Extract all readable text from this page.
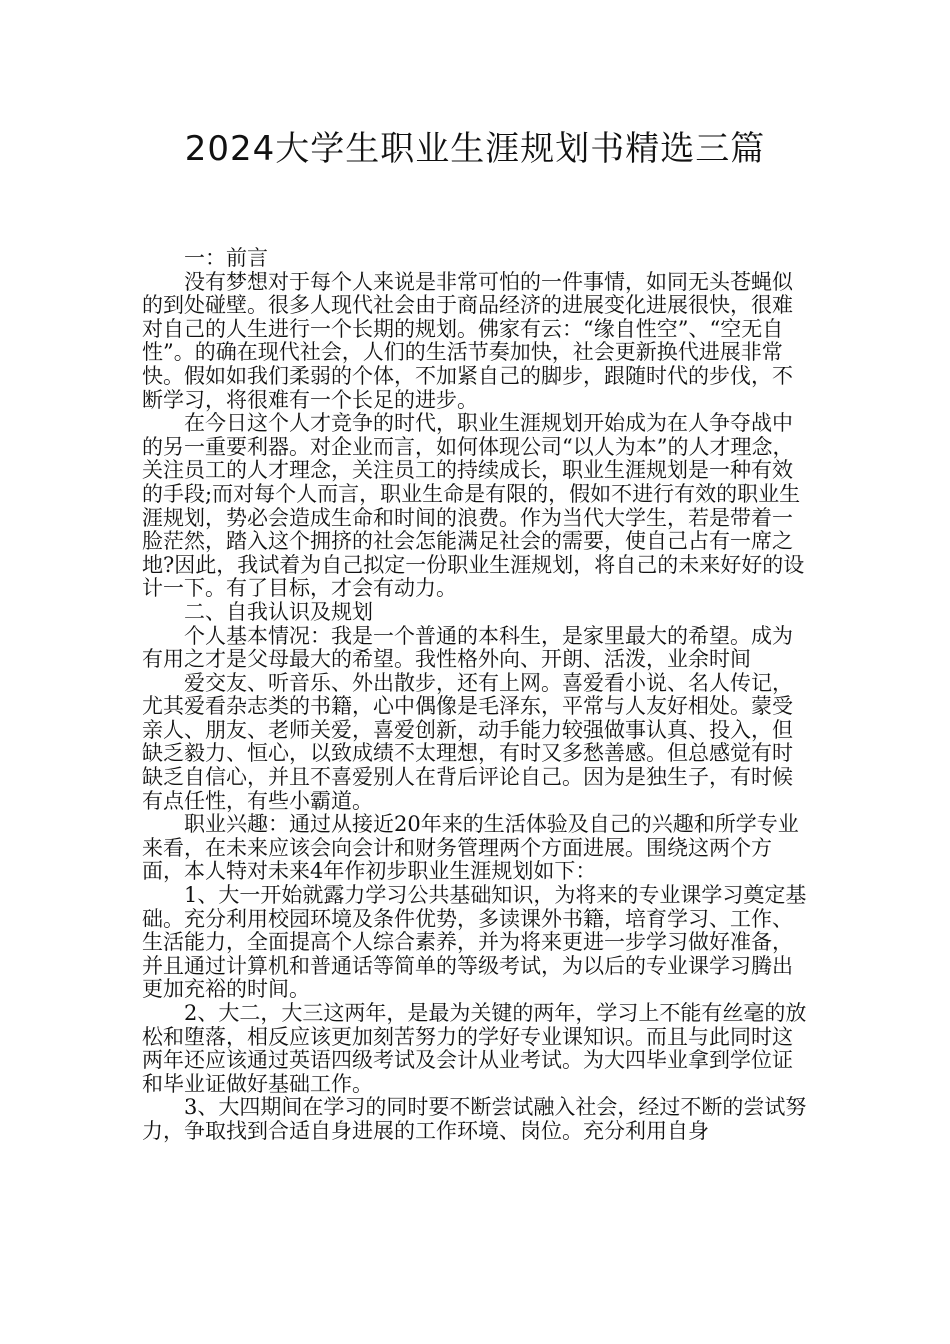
2024大学生职业生涯规划书精选三篇

一：前言

没有梦想对于每个人来说是非常可怕的一件事情，如同无头苍蝇似的到处碰壁。很多人现代社会由于商品经济的进展变化进展很快，很难对自己的人生进行一个长期的规划。佛家有云：“缘自性空”、“空无自性”。的确在现代社会，人们的生活节奏加快，社会更新换代进展非常快。假如如我们柔弱的个体，不加紧自己的脚步，跟随时代的步伐，不断学习，将很难有一个长足的进步。

在今日这个人才竞争的时代，职业生涯规划开始成为在人争夺战中的另一重要利器。对企业而言，如何体现公司“以人为本”的人才理念，关注员工的人才理念，关注员工的持续成长，职业生涯规划是一种有效的手段;而对每个人而言，职业生命是有限的，假如不进行有效的职业生涯规划，势必会造成生命和时间的浪费。作为当代大学生，若是带着一脸茫然，踏入这个拥挤的社会怎能满足社会的需要，使自己占有一席之地?因此，我试着为自己拟定一份职业生涯规划，将自己的未来好好的设计一下。有了目标，才会有动力。

二、自我认识及规划

个人基本情况：我是一个普通的本科生，是家里最大的希望。成为有用之才是父母最大的希望。我性格外向、开朗、活泼，业余时间

爱交友、听音乐、外出散步，还有上网。喜爱看小说、名人传记，尤其爱看杂志类的书籍，心中偶像是毛泽东，平常与人友好相处。蒙受亲人、朋友、老师关爱，喜爱创新，动手能力较强做事认真、投入，但缺乏毅力、恒心，以致成绩不太理想，有时又多愁善感。但总感觉有时缺乏自信心，并且不喜爱别人在背后评论自己。因为是独生子，有时候有点任性，有些小霸道。

职业兴趣：通过从接近20年来的生活体验及自己的兴趣和所学专业来看，在未来应该会向会计和财务管理两个方面进展。围绕这两个方面，本人特对未来4年作初步职业生涯规划如下：

1、大一开始就露力学习公共基础知识，为将来的专业课学习奠定基础。充分利用校园环境及条件优势，多读课外书籍，培育学习、工作、生活能力，全面提高个人综合素养，并为将来更进一步学习做好准备，并且通过计算机和普通话等简单的等级考试，为以后的专业课学习腾出更加充裕的时间。

2、大二，大三这两年，是最为关键的两年，学习上不能有丝毫的放松和堕落，相反应该更加刻苦努力的学好专业课知识。而且与此同时这两年还应该通过英语四级考试及会计从业考试。为大四毕业拿到学位证和毕业证做好基础工作。

3、大四期间在学习的同时要不断尝试融入社会，经过不断的尝试努力，争取找到合适自身进展的工作环境、岗位。充分利用自身
